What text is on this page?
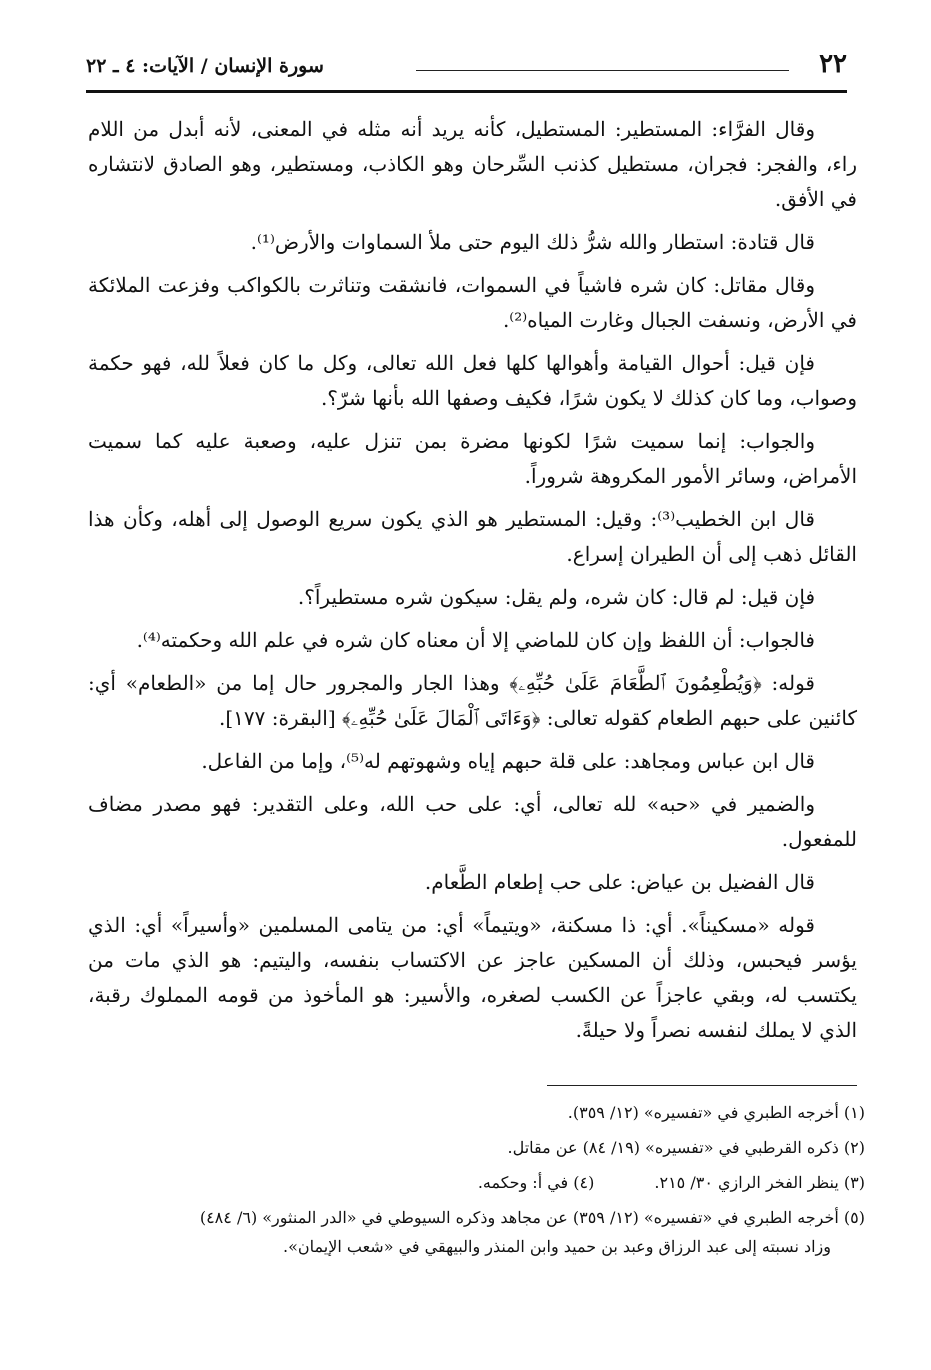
٢٢
سورة الإنسان / الآيات: ٤ ـ ٢٢

وقال الفرَّاء: المستطير: المستطيل، كأنه يريد أنه مثله في المعنى، لأنه أبدل من اللام راء، والفجر: فجران، مستطيل كذنب السِّرحان وهو الكاذب، ومستطير، وهو الصادق لانتشاره في الأفق.

قال قتادة: استطار والله شرُّ ذلك اليوم حتى ملأ السماوات والأرض⁽¹⁾.

وقال مقاتل: كان شره فاشياً في السموات، فانشقت وتناثرت بالكواكب وفزعت الملائكة في الأرض، ونسفت الجبال وغارت المياه⁽²⁾.

فإن قيل: أحوال القيامة وأهوالها كلها فعل الله تعالى، وكل ما كان فعلاً لله، فهو حكمة وصواب، وما كان كذلك لا يكون شرًا، فكيف وصفها الله بأنها شرّ؟.

والجواب: إنما سميت شرًا لكونها مضرة بمن تنزل عليه، وصعبة عليه كما سميت الأمراض، وسائر الأمور المكروهة شروراً.

قال ابن الخطيب⁽³⁾: وقيل: المستطير هو الذي يكون سريع الوصول إلى أهله، وكأن هذا القائل ذهب إلى أن الطيران إسراع.

فإن قيل: لم قال: كان شره، ولم يقل: سيكون شره مستطيراً؟.

فالجواب: أن اللفظ وإن كان للماضي إلا أن معناه كان شره في علم الله وحكمته⁽⁴⁾.

قوله: ﴿وَيُطْعِمُونَ ٱلطَّعَامَ عَلَىٰ حُبِّهِۦ﴾ وهذا الجار والمجرور حال إما من «الطعام» أي: كائنين على حبهم الطعام كقوله تعالى: ﴿وَءَاتَى ٱلْمَالَ عَلَىٰ حُبِّهِۦ﴾ [البقرة: ١٧٧].

قال ابن عباس ومجاهد: على قلة حبهم إياه وشهوتهم له⁽⁵⁾، وإما من الفاعل.

والضمير في «حبه» لله تعالى، أي: على حب الله، وعلى التقدير: فهو مصدر مضاف للمفعول.

قال الفضيل بن عياض: على حب إطعام الطَّعام.

قوله «مسكيناً». أي: ذا مسكنة، «ويتيماً» أي: من يتامى المسلمين «وأسيراً» أي: الذي يؤسر فيحبس، وذلك أن المسكين عاجز عن الاكتساب بنفسه، واليتيم: هو الذي مات من يكتسب له، وبقي عاجزاً عن الكسب لصغره، والأسير: هو المأخوذ من قومه المملوك رقبة، الذي لا يملك لنفسه نصراً ولا حيلةً.

(١) أخرجه الطبري في «تفسيره» (١٢/ ٣٥٩).
(٢) ذكره القرطبي في «تفسيره» (١٩/ ٨٤) عن مقاتل.
(٣) ينظر الفخر الرازي ٣٠/ ٢١٥.
(٤) في أ: وحكمه.
(٥) أخرجه الطبري في «تفسيره» (١٢/ ٣٥٩) عن مجاهد وذكره السيوطي في «الدر المنثور» (٦/ ٤٨٤)
وزاد نسبته إلى عبد الرزاق وعبد بن حميد وابن المنذر والبيهقي في «شعب الإيمان».
